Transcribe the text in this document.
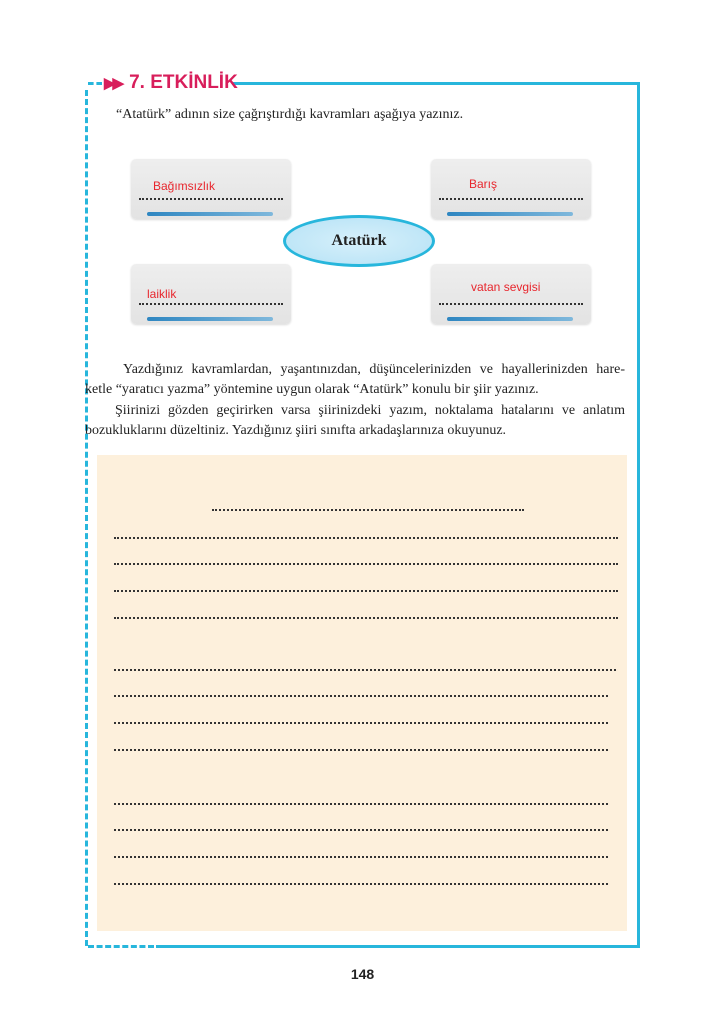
▶▶ 7. ETKİNLİK
“Atatürk” adının size çağrıştırdığı kavramları aşağıya yazınız.
Bağımsızlık	Barış
laiklik	vatan sevgisi
Atatürk
Yazdığınız kavramlardan, yaşantınızdan, düşüncelerinizden ve hayallerinizden hare-
ketle “yaratıcı yazma” yöntemine uygun olarak “Atatürk” konulu bir şiir yazınız.
Şiirinizi gözden geçirirken varsa şiirinizdeki yazım, noktalama hatalarını ve anlatım
bozukluklarını düzeltiniz. Yazdığınız şiiri sınıfta arkadaşlarınıza okuyunuz.
148
